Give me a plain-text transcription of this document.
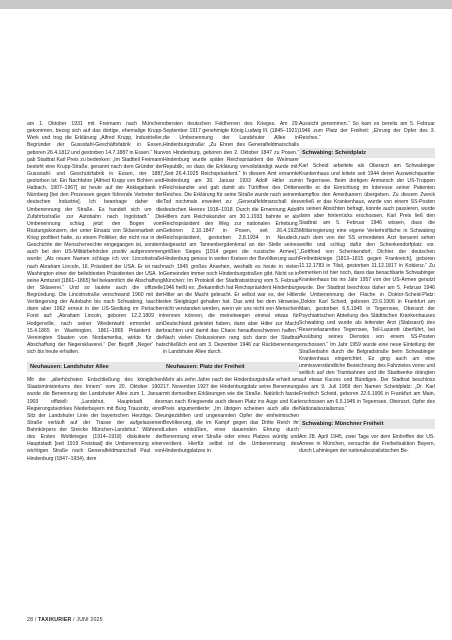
am 1. Oktober 1931 mit Freimann nach München gekommen, bezog sich auf das dortige, ehemalige Krupp-Werk und trug die Erklärung „Alfred Krupp, Industrieller, Begründer der Gussstahl-Geschäftsfabrik in Essen, geboren 26.4.1812 und gestorben 14.7.1887 in Essen.“ Nun gab Stadtrat Karl Preis zu bedenken: „Im Stadtteil Freimann besteht eine Krupp-Straße, genannt nach dem Gründer der Gussstahl- und Geschützfabrik in Essen, der 1887 gestorben ist. Ein Nachfahre [Alfried Krupp von Bohlen und Halbach, 1907–1967] ist heute auf der Anklagebank in Nürnberg [bei den Prozessen gegen führende Vertreter der deutschen Industrie]. Ich beantrage daher die Umbenennung der Straße. Es handelt sich um die Zufahrtsstraße zur Autobahn nach Ingolstadt.“ Die Umbenennung schlug jetzt den Bogen vom Rüstungskonzern, der unter Einsatz von Sklavenarbeit am Krieg profitiert hatte, zu einem Politiker, der nicht nur in die Geschichte der Menschenrechte eingegangen ist, sondern auch bei den US-Militärbehörden positiv aufgenommen wurde: „Als neuen Namen schlage ich vor: Lincolnstraße nach Abraham Lincoln, 16. Präsident der USA. Er ist nach Washington einer der beliebtesten Präsidenten der USA. In seine Amtszeit [1861–1865] fiel bekanntlich die Abschaffung der Sklaverei.“ Und so lautete auch die offizielle Begründung. Die Lincolnstraße verschwand 1960 mit der Verlängerung der Autobahn bis nach Schwabing, tauchte dann aber 1962 erneut in der US-Siedlung im Perlacher Forst auf: „Abraham Lincoln, geboren 12.2.1809 in Hodgenville, nach seiner Wiederwahl ermordet am 15.4.1865 in Washington, 1861–1865 Präsident der Vereinigten Staaten von Nordamerika, wirkte für die Abschaffung der Negersklaverei.“ Der Begriff „Neger“ hat sich bis heute erhalten.

Neuhausen: Landshuter Allee

Mit der „allerhöchsten Entschließung des königlichen Staatsministeriums des Innern“ vom 20. Oktober 1902 wurde die Benennung der Landshuter Allee zum 1. Januar 1903 offiziell: „Landshut, Hauptstadt des Regierungsbezirkes Niederbayern mit Burg Trausnitz, einst Sitz der Landshuter Linie der bayerischen Herzöge. Die Straße verläuft auf der Trasse der aufgelassenen Bahnkörpers der Strecke München-Landshut.“ Während des Ersten Weltkrieges (1914–1918) diskutierte der Hauptstadt [seit 1919 Freistaat] die Umbenennung einer wichtigen Straße nach Generalfeldmarschall Paul von Hindenburg (1847–1934), dem

obersten deutschen Feldherren des Krieges. Am 29. September 1917 genehmigte König Ludwig III. (1845–1921) die Umbenennung der Landshuter Allee in Hindenburgstraße: „Zu Ehren des Generalfeldmarschalls von Hindenburg, geboren den 2. Oktober 1847 zu Posen.“ Hindenburg wurde später Reichspräsident der Weimarer Republik, so dass die Erklärung vervollständigt wurde mit: „Seit 26.4.1925 Reichspräsident.“ In diesem Amt ernannte Hindenburg am 30. Januar 1933 Adolf Hitler zum Reichskanzler und galt damit als Türöffner des Dritten Reiches. Die Erklärung für seine Straße wurde nach seinem Tod nochmals erweitert zu: „Generalfeldmarschall des deutschen Heeres 1918–1918. Durch die Ernennung Adolf Hitlers zum Reichskanzler am 30.1.1933 bahnte er als Reichspräsident den Weg zur nationalen Erhebung. Geboren 2.10.1847 in Posen, seit 26.4.1925 Reichspräsident, gestorben 2.8.1934 in Neudeck, beigesetzt am Tannenbergdenkmal an der Stelle seines größten Sieges [1914 gegen die russische Armee].“ Hindenburg genoss in weiten Kreisen der Bevölkerung auch nach 1945 großes Ansehen, weshalb es heute in vielen Gemeinden immer noch Hindenburgstraßen gibt. Nicht so in München: Im Protokoll der Stadtratssitzung vom 5. Februar 1946 heißt es: „Bekanntlich hat Reichspräsident Hindenburg Hitler an die Macht gebracht. Er selbst war es, der Hitler den Steigbügel gehalten hat. Das wird bei dem Hinweise nicht verstanden werden, wenn wir uns nicht von Menschen trennen können, die meinetwegen einmal etwas für Deutschland geleistet haben, dann aber Hitler zur Macht brachten und damit das Chaos heraufbeschworen halfen.“ Nach vielen Diskussionen rang sich dann der Stadtrat schließlich erst am 3. Dezember 1946 zur Rückbenennung in Landshuter Allee durch.

Neuhausen: Platz der Freiheit

Mehr als zehn Jahre nach der Hindenburgstraße erhielt am 17. November 1927 der Hindenburgplatz seine Benennung mit demselben Erklärungen wie die Straße. Natürlich fasste man nach Kriegsende auch diesen Platz ins Auge und Karl Preis argumentierte: „Im übrigen scheinen auch alle die ungezählten und ungenannten Opfer der einheimischen Bevölkerung, die im Kampf gegen das Dritte Reich ihr Leben einbüßten, einer dauernden Ehrung durch Benennung einer Straße oder eines Platzes würdig und verdient. Hierfür selbst ist die Umbenennung des Hindenburgplatzes in

Aussicht genommen.“ So kam es bereits am 5. Februar 1946 zum Platz der Freiheit: „Ehrung der Opfer des 3. Reiches.“

Schwabing: Scheidplatz

Karl Scheid arbeitete als Oberarzt am Schwabinger Krankenhaus und leitete seit 1944 deren Ausweichquartier in Tegernsee. Beim dortigen Anmarsch der US-Truppen wollte er die Einrichtung im Interesse seiner Patienten kampflos den Amerikanern übergeben. Zu diesem Zweck verließ er das Krankenhaus, wurde von einem SS-Posten zu seinen Absichten befragt, konnte auch passieren, wurde dann aber hinterrücks erschossen. Karl Preis ließ den Stadtrat am 5. Februar 1946 wissen, dass die Militärregierung eine eigene Verkehrsfläche in Schwabing nach dem von der SS ermordeten Arzt benannt sehen wollte und schlug dafür den Schenkendorfplatz vor. „Gottfried von Schenkendorf, Dichter der deutschen Freiheitskriege [1813–1815 gegen Frankreich], geboren 11.12.1783 in Tilsit, gestorben 11.12.1817 in Koblenz.“ Zu bemerken ist hier noch, dass das benachbarte Schwabinger Krankenhaus bis ins Jahr 1957 von der US-Armee genutzt wurde. Der Stadtrat beschloss daher am 5. Februar 1946 die Umbenennung der Fläche in Doktor-Scheid-Platz: „Doktor Karl Scheid, geboren 22.6.1906 in Frankfurt am Main, gestorben 6.5.1945 in Tegernsee, Oberarzt der Psychiatrischen Abteilung des Städtischen Krankenhauses Schwabing und wurde als leitender Arzt (Stabsarzt) des Reservelazarettes Tegernsee, Teil-Lazarett überführt, bei Ausübung seines Dienstes von einem SS-Posten erschossen.“ Im Jahr 1959 wurde eine neue Einteilung der Straßenbahn durch die Belgradstraße beim Schwabinger Krankenhaus eingerichtet. Es ging auch um eine unmissverständliche Bezeichnung des Fahrzieles vorne und seitlich auf den Trambahnen und die Stadtwerke drängten auf etwas Kurzes und Bündiges. Der Stadtrat beschloss also am 9. Juli 1959 den Namen Scheidplatz: „Dr. Karl Friedrich Scheid, geboren 22.6.1906 in Frankfurt am Main, erschossen am 6.5.1945 in Tegernsee, Oberarzt, Opfer des Nationalsozialismus.“

Schwabing: Münchner Freiheit

Am 28. April 1945, zwei Tage vor dem Eintreffen der US-Armee in München, versuchte die Freiheitsaktion Bayern, durch Lahmlegen der nationalsozialistischen Be-

28 / TAXIKURIER / JUNI 2025
